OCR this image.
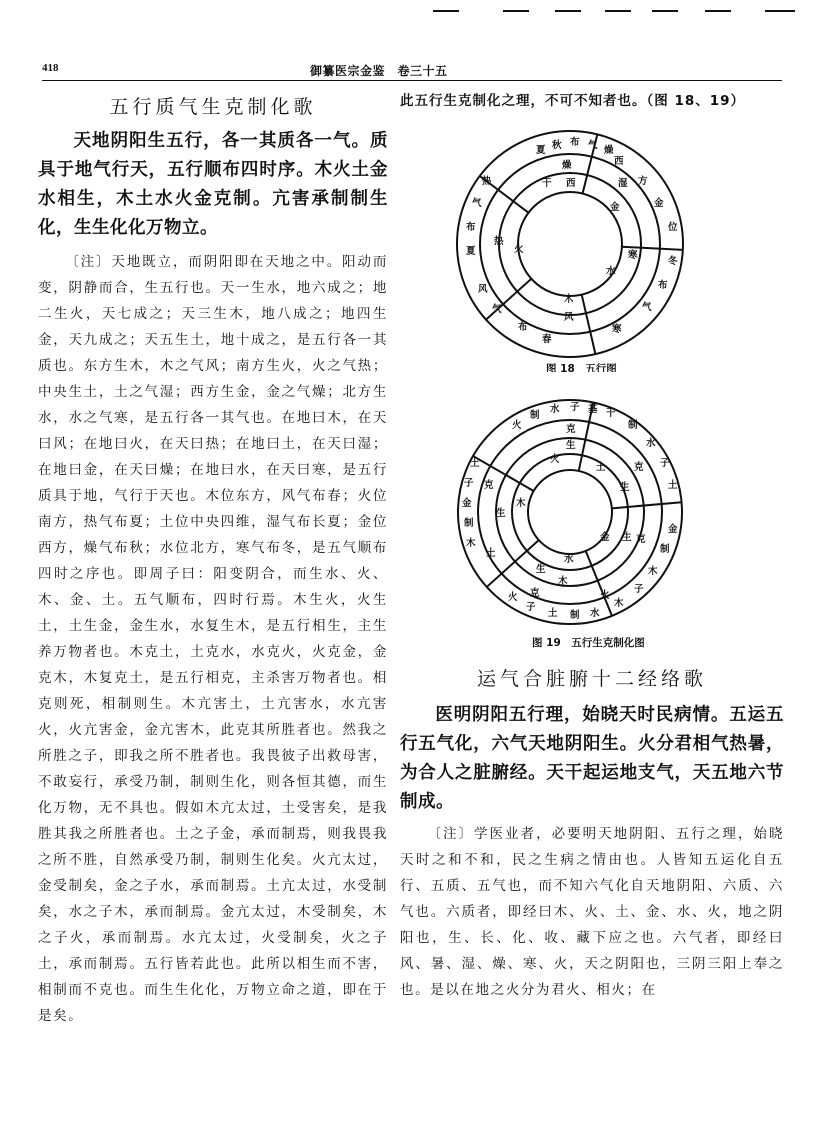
418	御纂医宗金鉴　卷三十五
五行质气生克制化歌

天地阴阳生五行，各一其质各一气。质具于地气行天，五行顺布四时序。木火土金水相生，木土水火金克制。亢害承制制生化，生生化化万物立。

〔注〕天地既立，而阴阳即在天地之中。阳动而变，阴静而合，生五行也。天一生水，地六成之；地二生火，天七成之；天三生木，地八成之；地四生金，天九成之；天五生土，地十成之，是五行各一其质也。东方生木，木之气风；南方生火，火之气热；中央生土，土之气湿；西方生金，金之气燥；北方生水，水之气寒，是五行各一其气也。在地曰木，在天曰风；在地曰火，在天曰热；在地曰土，在天曰湿；在地曰金，在天曰燥；在地曰水，在天曰寒，是五行质具于地，气行于天也。木位东方，风气布春；火位南方，热气布夏；土位中央四维，湿气布长夏；金位西方，燥气布秋；水位北方，寒气布冬，是五气顺布四时之序也。即周子曰：阳变阴合，而生水、火、木、金、土。五气顺布，四时行焉。木生火，火生土，土生金，金生水，水复生木，是五行相生，主生养万物者也。木克土，土克水，水克火，火克金，金克木，木复克土，是五行相克，主杀害万物者也。相克则死，相制则生。木亢害土，土亢害水，水亢害火，火亢害金，金亢害木，此克其所胜者也。然我之所胜之子，即我之所不胜者也。我畏彼子出救母害，不敢妄行，承受乃制，制则生化，则各恒其德，而生化万物，无不具也。假如木亢太过，土受害矣，是我胜其我之所胜者也。土之子金，承而制焉，则我畏我之所不胜，自然承受乃制，制则生化矣。火亢太过，金受制矣，金之子水，承而制焉。土亢太过，水受制矣，水之子木，承而制焉。金亢太过，木受制矣，木之子火，承而制焉。水亢太过，火受制矣，火之子土，承而制焉。五行皆若此也。此所以相生而不害，相制而不克也。而生生化化，万物立命之道，即在于是矣。

此五行生克制化之理，不可不知者也。（图 18、19）

夏 秋 布 气 燥
西
方
金
位
冬
布
气
寒
春
布
气
风
夏
布
气
热
燥
湿
寒
风
热
干 西
金
水
木
火
图 18　五行图
火
制
水 子 基 干
制
水
子
土
金
制
木
子
木
水
制
土
子
火
木
制
金
子
土
克
克
克
克
克
生
生
生
生
生
火
土
金
水
木
火
木
土
图 19　五行生克制化图
运气合脏腑十二经络歌

医明阴阳五行理，始晓天时民病情。五运五行五气化，六气天地阴阳生。火分君相气热暑，为合人之脏腑经。天干起运地支气，天五地六节制成。

〔注〕学医业者，必要明天地阴阳、五行之理，始晓天时之和不和，民之生病之情由也。人皆知五运化自五行、五质、五气也，而不知六气化自天地阴阳、六质、六气也。六质者，即经曰木、火、土、金、水、火，地之阴阳也，生、长、化、收、藏下应之也。六气者，即经曰风、暑、湿、燥、寒、火，天之阴阳也，三阴三阳上奉之也。是以在地之火分为君火、相火；在
